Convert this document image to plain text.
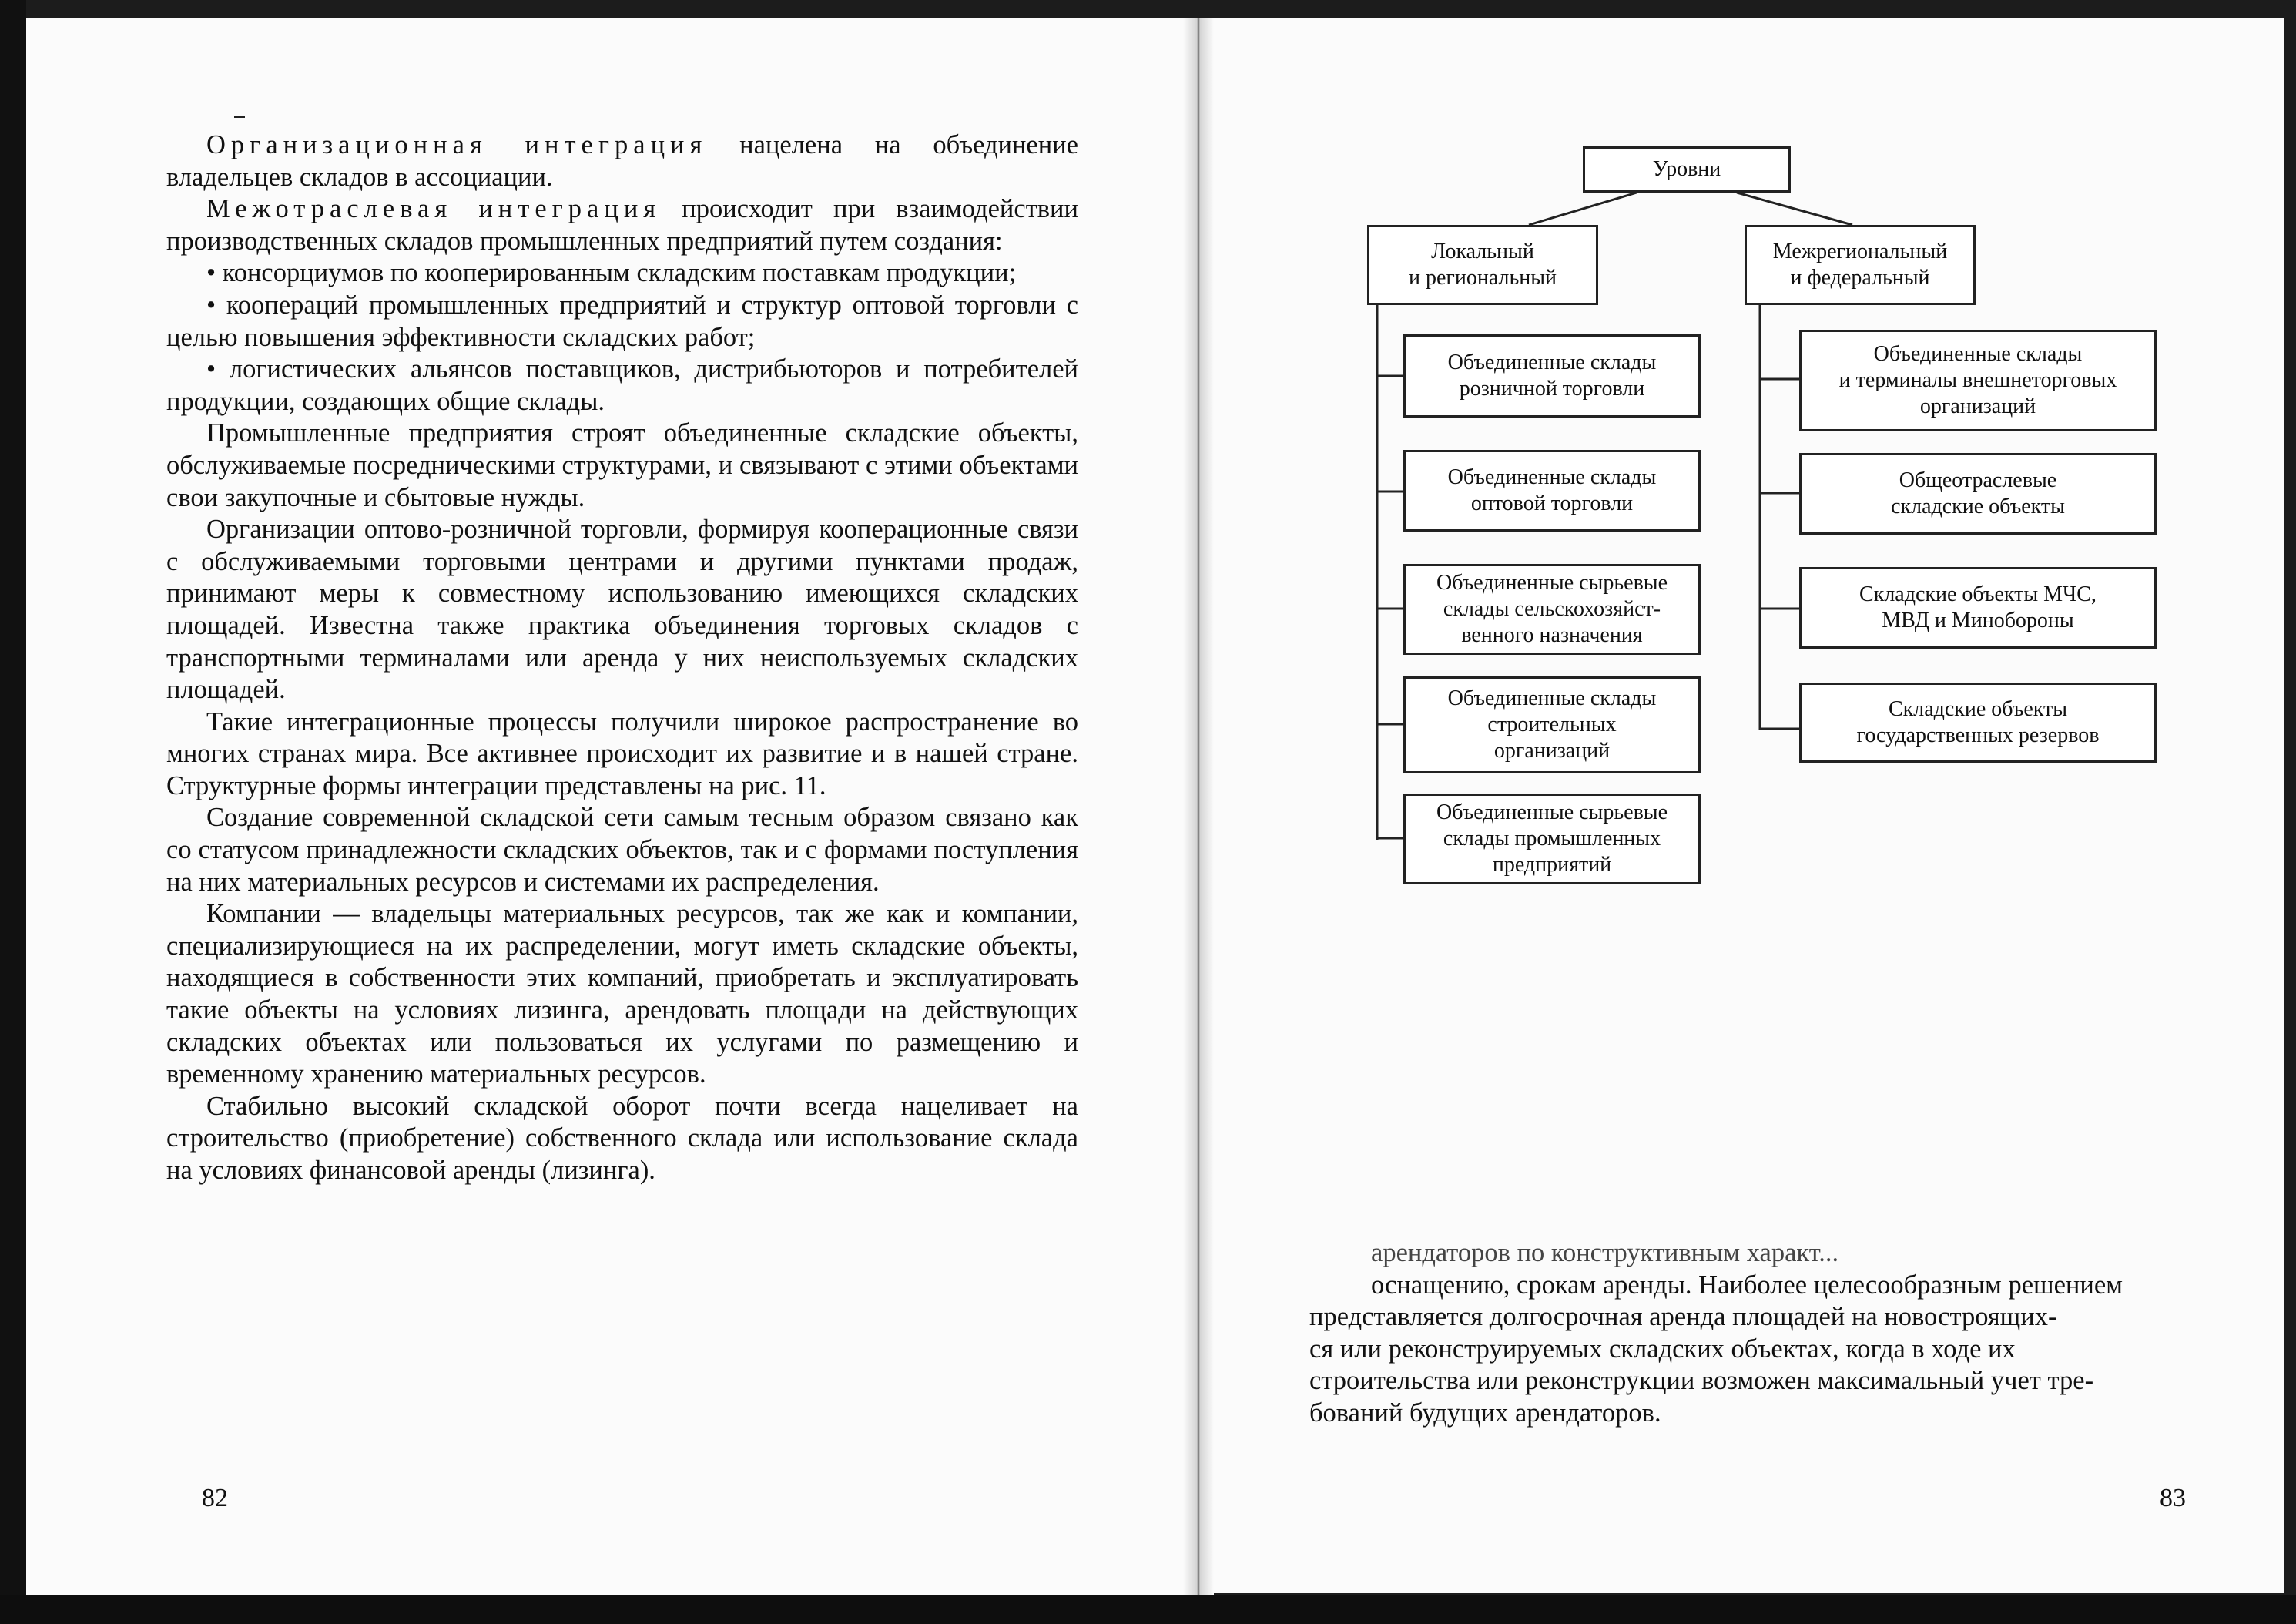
Организационная интеграция нацелена на объединение владельцев складов в ассоциации.

Межотраслевая интеграция происходит при взаимодействии производственных складов промышленных предприятий путем создания:

• консорциумов по кооперированным складским поставкам продукции;

• коопераций промышленных предприятий и структур оптовой торговли с целью повышения эффективности складских работ;

• логистических альянсов поставщиков, дистрибьюторов и потребителей продукции, создающих общие склады.

Промышленные предприятия строят объединенные складские объекты, обслуживаемые посредническими структурами, и связывают с этими объектами свои закупочные и сбытовые нужды.

Организации оптово-розничной торговли, формируя кооперационные связи с обслуживаемыми торговыми центрами и другими пунктами продаж, принимают меры к совместному использованию имеющихся складских площадей. Известна также практика объединения торговых складов с транспортными терминалами или аренда у них неиспользуемых складских площадей.

Такие интеграционные процессы получили широкое распространение во многих странах мира. Все активнее происходит их развитие и в нашей стране. Структурные формы интеграции представлены на рис. 11.

Создание современной складской сети самым тесным образом связано как со статусом принадлежности складских объектов, так и с формами поступления на них материальных ресурсов и системами их распределения.

Компании — владельцы материальных ресурсов, так же как и компании, специализирующиеся на их распределении, могут иметь складские объекты, находящиеся в собственности этих компаний, приобретать и эксплуатировать такие объекты на условиях лизинга, арендовать площади на действующих складских объектах или пользоваться их услугами по размещению и временному хранению материальных ресурсов.

Стабильно высокий складской оборот почти всегда нацеливает на строительство (приобретение) собственного склада или использование склада на условиях финансовой аренды (лизинга).

82
Уровни
Локальный
и региональный
Межрегиональный
и федеральный
Объединенные склады
розничной торговли
Объединенные склады
оптовой торговли
Объединенные сырьевые
склады сельскохозяйст-
венного назначения
Объединенные склады
строительных
организаций
Объединенные сырьевые
склады промышленных
предприятий
Объединенные склады
и терминалы внешнеторговых
организаций
Общеотраслевые
складские объекты
Складские объекты МЧС,
МВД и Минобороны
Складские объекты
государственных резервов
арендаторов по конструктивным характ...
оснащению, срокам аренды. Наиболее целесообразным решением
представляется долгосрочная аренда площадей на новостроящих-
ся или реконструируемых складских объектах, когда в ходе их
строительства или реконструкции возможен максимальный учет тре-
бований будущих арендаторов.
83
